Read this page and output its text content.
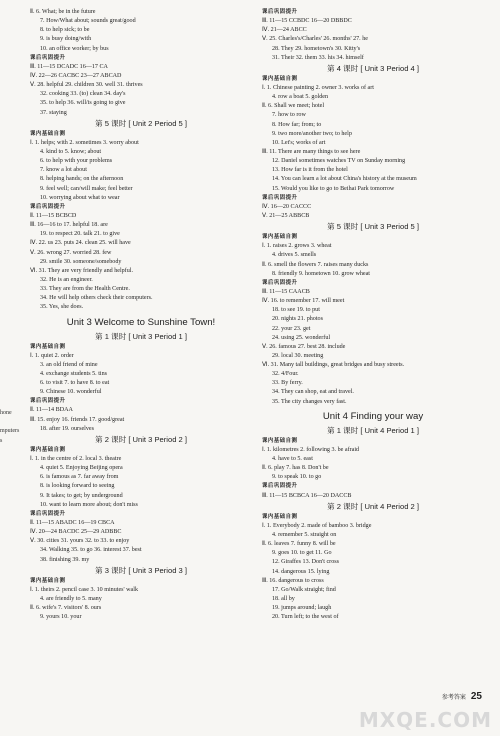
hone
mputers
s
Ⅱ. 6. What; be in the future
7. How/What about; sounds great/good
8. to help sick; to be
9. is busy doing/with
10. an office worker; by bus
课后巩固提升
Ⅲ. 11—15 DCADC 16—17 CA
Ⅳ. 22—26 CACBC 23—27 ABCAD
Ⅴ. 28. helpful 29. children 30. well 31. thrives
32. cooking 33. (to) clean 34. day's
35. to help 36. will/is going to give
37. staying
第 5 课时 [ Unit 2 Period 5 ]
课内基础自测
Ⅰ. 1. helps; with 2. sometimes 3. worry about
4. kind to 5. know; about
6. to help with your problems
7. know a lot about
8. helping hands; on the afternoon
9. feel well; can/will make; feel better
10. worrying about what to wear
课后巩固提升
Ⅱ. 11—15 BCBCD
Ⅲ. 16—16 to 17. helpful 18. are
19. to respect 20. talk 21. to give
Ⅳ. 22. us 23. puts 24. clean 25. will have
Ⅴ. 26. wrong 27. worried 28. few
29. smile 30. someone/somebody
Ⅵ. 31. They are very friendly and helpful.
32. He is an engineer.
33. They are from the Health Centre.
34. He will help others check their computers.
35. Yes, she does.
Unit 3 Welcome to Sunshine Town!
第 1 课时 [ Unit 3 Period 1 ]
课内基础自测
Ⅰ. 1. quiet 2. order
3. an old friend of mine
4. exchange students 5. tins
6. to visit 7. to have 8. to eat
9. Chinese 10. wonderful
课后巩固提升
Ⅱ. 11—14 BDAA
Ⅲ. 15. enjoy 16. friends 17. good/great
18. after 19. ourselves
第 2 课时 [ Unit 3 Period 2 ]
课内基础自测
Ⅰ. 1. in the centre of 2. local 3. theatre
4. quiet 5. Enjoying Beijing opera
6. is famous as 7. far away from
8. is looking forward to seeing
9. It takes; to get; by underground
10. want to learn more about; don't miss
课后巩固提升
Ⅱ. 11—15 ABADC 16—19 CBCA
Ⅳ. 20—24 BACDC 25—29 ADBBC
Ⅴ. 30. cities 31. yours 32. to 33. to enjoy
34. Walking 35. to go 36. interest 37. best
38. finishing 39. my
第 3 课时 [ Unit 3 Period 3 ]
课内基础自测
Ⅰ. 1. theirs 2. pencil case 3. 10 minutes' walk
4. are friendly to 5. many
Ⅱ. 6. wife's 7. visitors' 8. ours
9. yours 10. your
课后巩固提升
Ⅲ. 11—15 CCBDC 16—20 DBBDC
Ⅳ. 21—24 ABCC
Ⅴ. 25. Charles's/Charles' 26. months' 27. he
28. They 29. hometown's 30. Kitty's
31. Their 32. them 33. his 34. himself
第 4 课时 [ Unit 3 Period 4 ]
课内基础自测
Ⅰ. 1. Chinese painting 2. owner 3. works of art
4. row a boat 5. golden
Ⅱ. 6. Shall we meet; hotel
7. how to row
8. How far; from; to
9. two more/another two; to help
10. Let's; works of art
Ⅲ. 11. There are many things to see here
12. Daniel sometimes watches TV on Sunday morning
13. How far is it from the hotel
14. You can learn a lot about China's history at the museum
15. Would you like to go to Beihai Park tomorrow
课后巩固提升
Ⅳ. 16—20 CACCC
Ⅴ. 21—25 ABBCB
第 5 课时 [ Unit 3 Period 5 ]
课内基础自测
Ⅰ. 1. raises 2. grows 3. wheat
4. drives 5. smells
Ⅱ. 6. smell the flowers 7. raises many ducks
8. friendly 9. hometown 10. grow wheat
课后巩固提升
Ⅲ. 11—15 CAACB
Ⅳ. 16. to remember 17. will meet
18. to see 19. to put
20. nights 21. photos
22. your 23. get
24. using 25. wonderful
Ⅴ. 26. famous 27. best 28. include
29. local 30. meeting
Ⅵ. 31. Many tall buildings, great bridges and busy streets.
32. 4/Four.
33. By ferry.
34. They can shop, eat and travel.
35. The city changes very fast.
Unit 4 Finding your way
第 1 课时 [ Unit 4 Period 1 ]
课内基础自测
Ⅰ. 1. kilometres 2. following 3. be afraid
4. have to 5. east
Ⅱ. 6. play 7. has 8. Don't be
9. to speak 10. to go
课后巩固提升
Ⅲ. 11—15 BCBCA 16—20 DACCB
第 2 课时 [ Unit 4 Period 2 ]
课内基础自测
Ⅰ. 1. Everybody 2. made of bamboo 3. bridge
4. remember 5. straight on
Ⅱ. 6. leaves 7. funny 8. will be
9. goes 10. to get 11. Go
12. Giraffes 13. Don't cross
14. dangerous 15. lying
Ⅲ. 16. dangerous to cross
17. Go/Walk straight; find
18. all by
19. jumps around; laugh
20. Turn left; to the west of
参考答案 25
MXQE.COM
